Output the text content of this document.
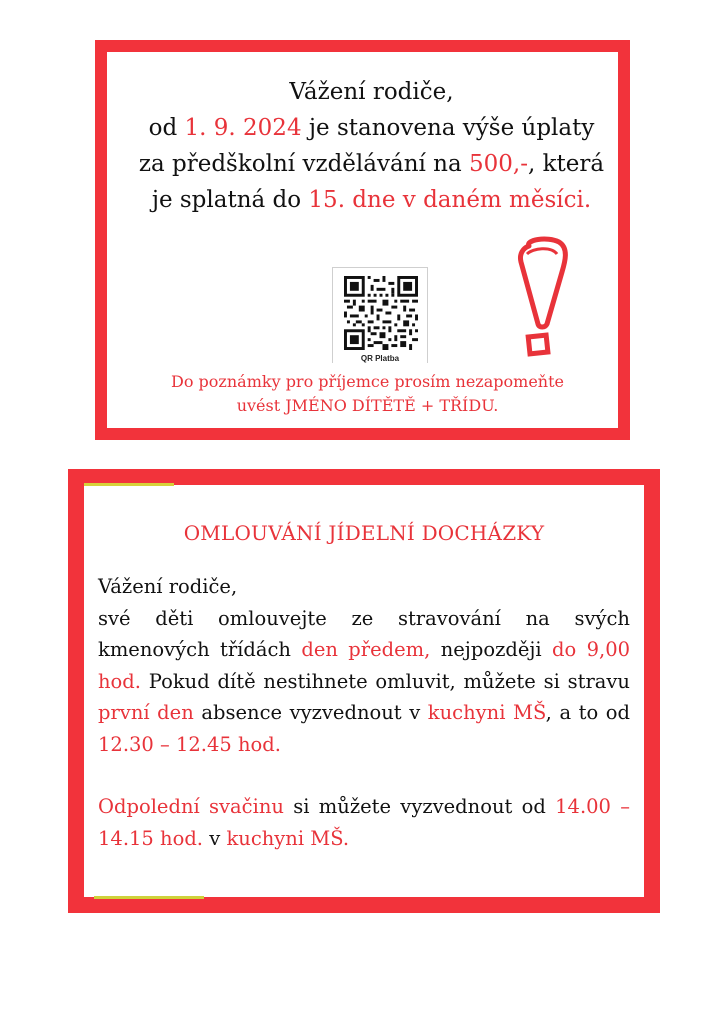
Vážení rodiče,
od 1. 9. 2024 je stanovena výše úplaty za předškolní vzdělávání na 500,-, která je splatná do 15. dne v daném měsíci.
QR Platba
Do poznámky pro příjemce prosím nezapomeňte
uvést JMÉNO DÍTĚTĚ + TŘÍDU.
OMLOUVÁNÍ JÍDELNÍ DOCHÁZKY

Vážení rodiče,

své děti omlouvejte ze stravování na svých kmenových třídách den předem, nejpozději do 9,00 hod. Pokud dítě nestihnete omluvit, můžete si stravu první den absence vyzvednout v kuchyni MŠ, a to od 12.30 – 12.45 hod.

Odpolední svačinu si můžete vyzvednout od 14.00 – 14.15 hod. v kuchyni MŠ.
